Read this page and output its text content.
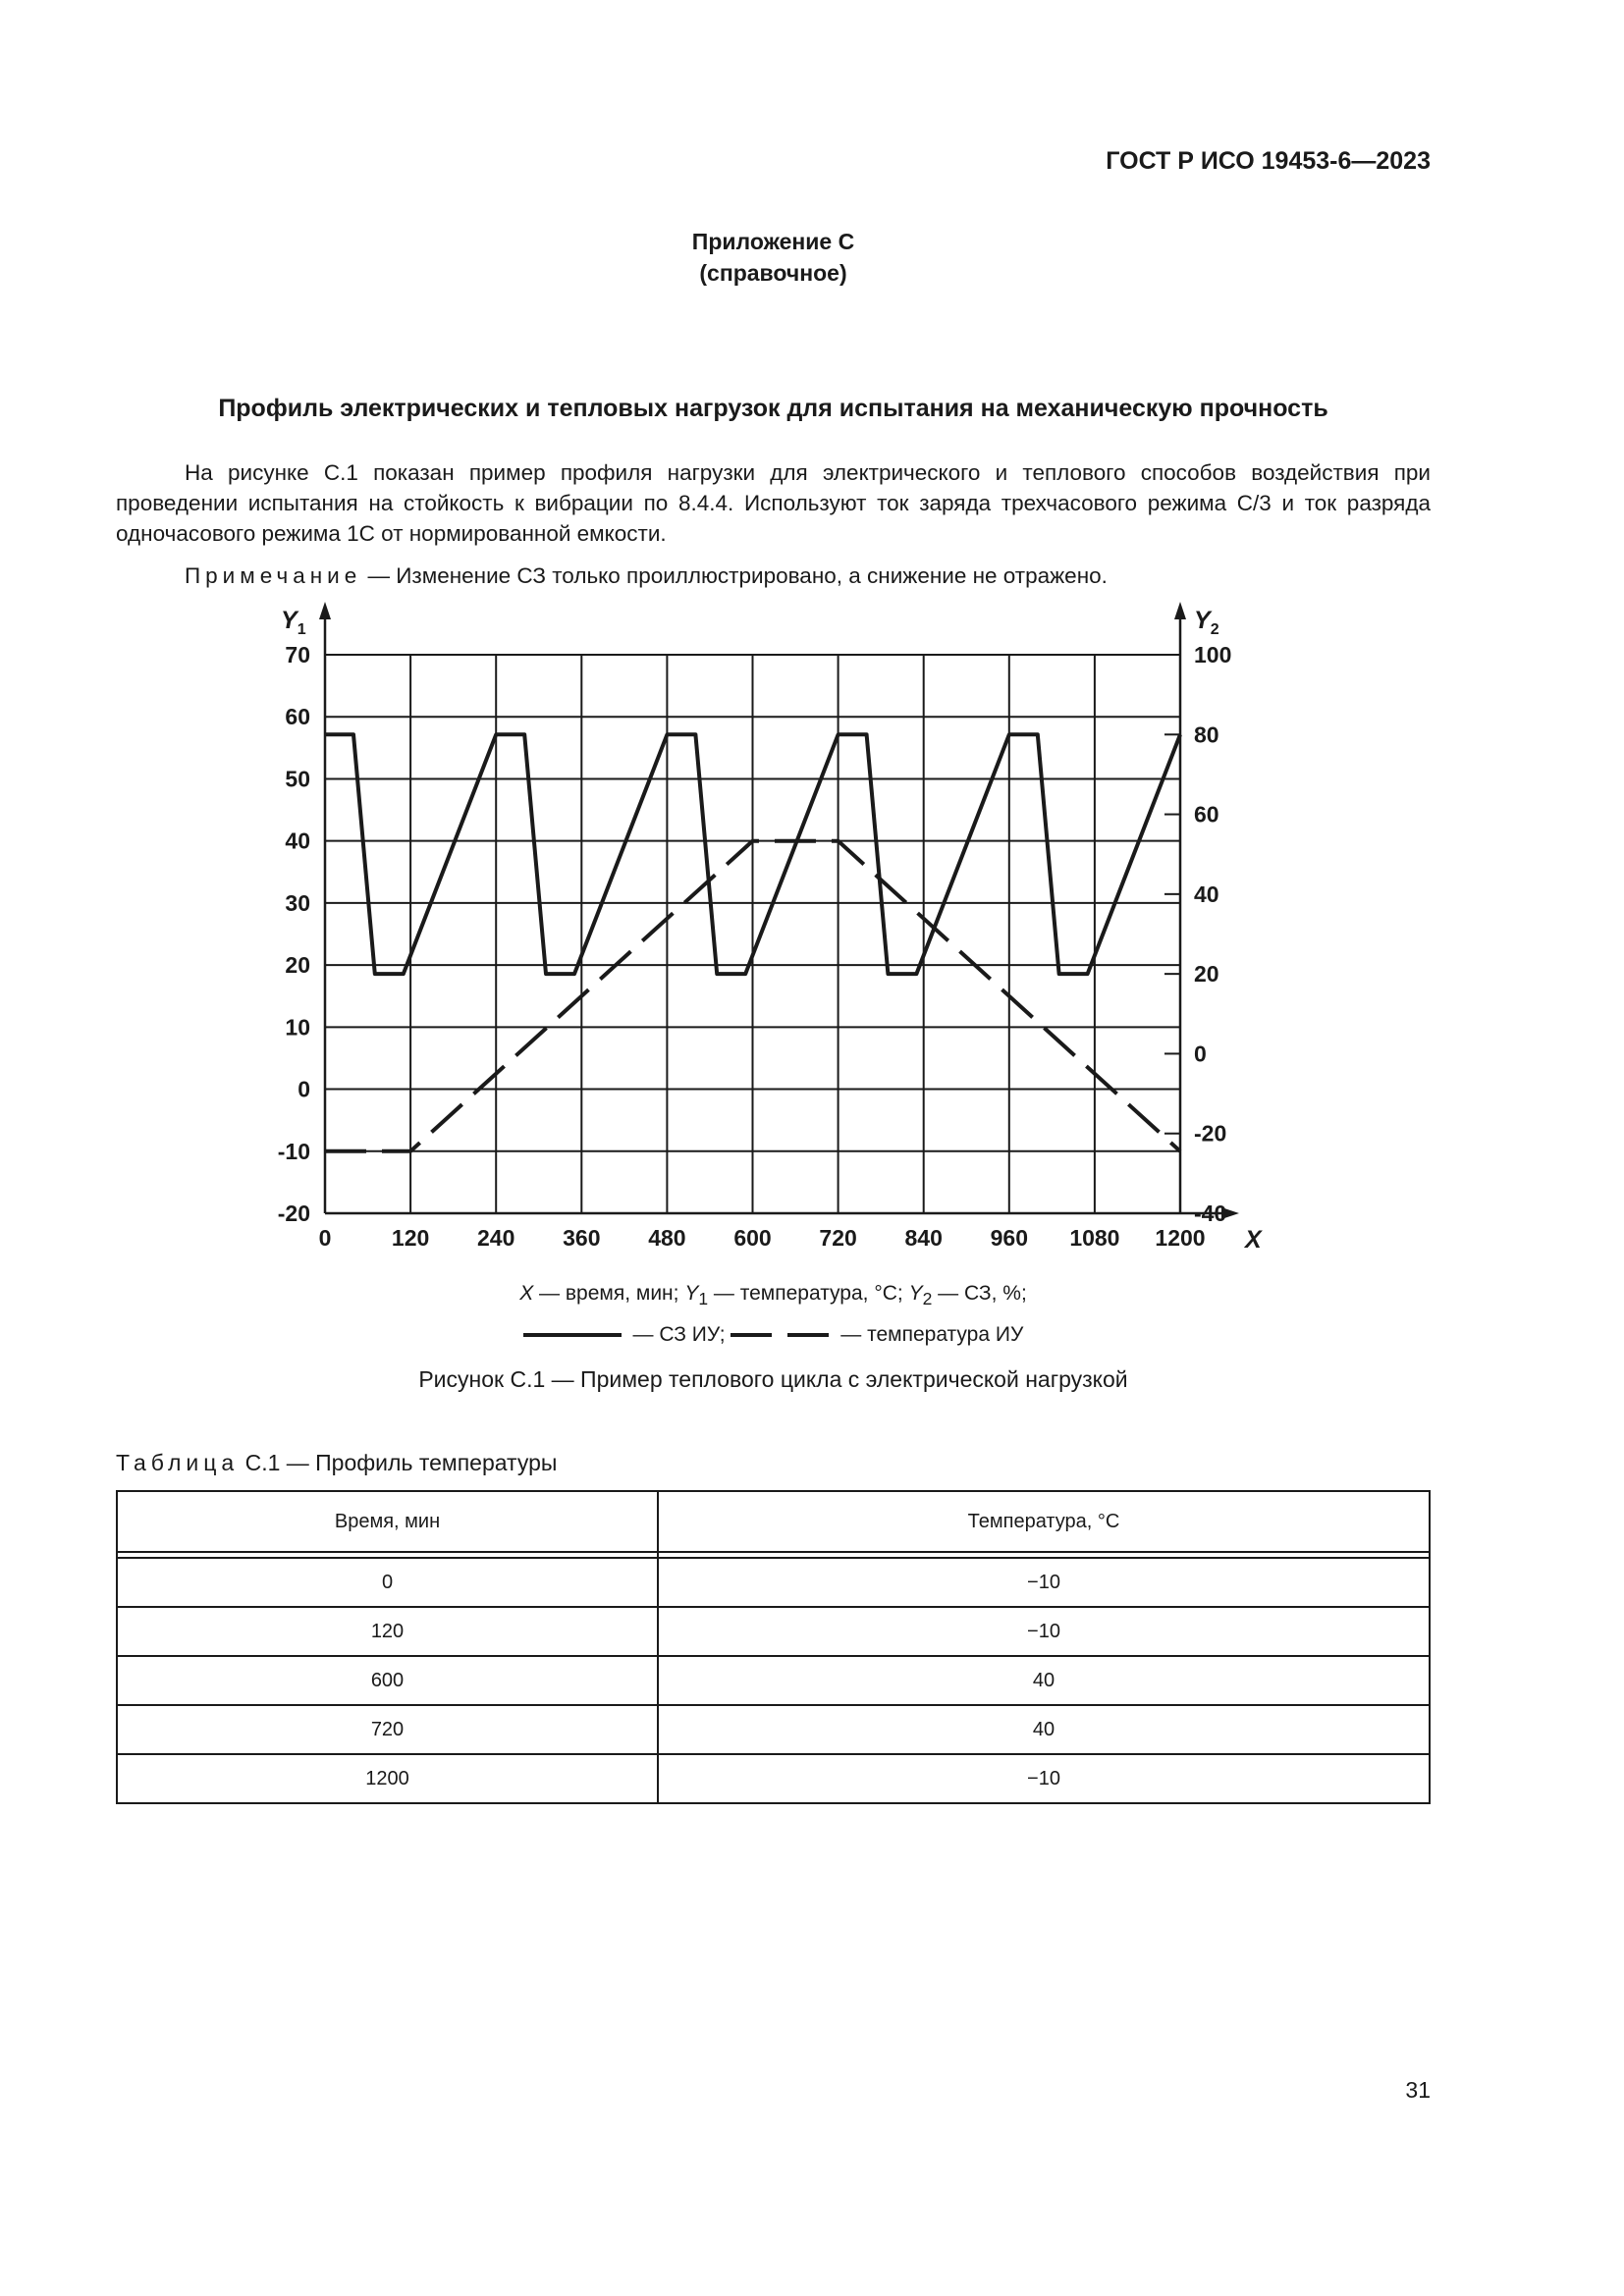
ГОСТ Р ИСО 19453-6—2023
Приложение С
(справочное)
Профиль электрических и тепловых нагрузок для испытания на механическую прочность
На рисунке С.1 показан пример профиля нагрузки для электрического и теплового способов воздействия при проведении испытания на стойкость к вибрации по 8.4.4. Используют ток заряда трехчасового режима С/3 и ток разряда одночасового режима 1С от нормированной емкости.
Примечание — Изменение СЗ только проиллюстрировано, а снижение не отражено.
-20
-10
0
10
20
30
40
50
60
70
-40
-20
0
20
40
60
80
100
0	120 240 360 480 600 720 840 960 1080 1200
$Y_1$	$Y_2$
X
X — время, мин; $Y_1$ — температура, °С; $Y_2$ — СЗ, %;
— СЗ ИУ;	— температура ИУ
Рисунок С.1 — Пример теплового цикла с электрической нагрузкой
Таблица С.1 — Профиль температуры
Время, мин	Температура, °С

0	−10
120	−10
600	40
720	40
1200	−10
31
